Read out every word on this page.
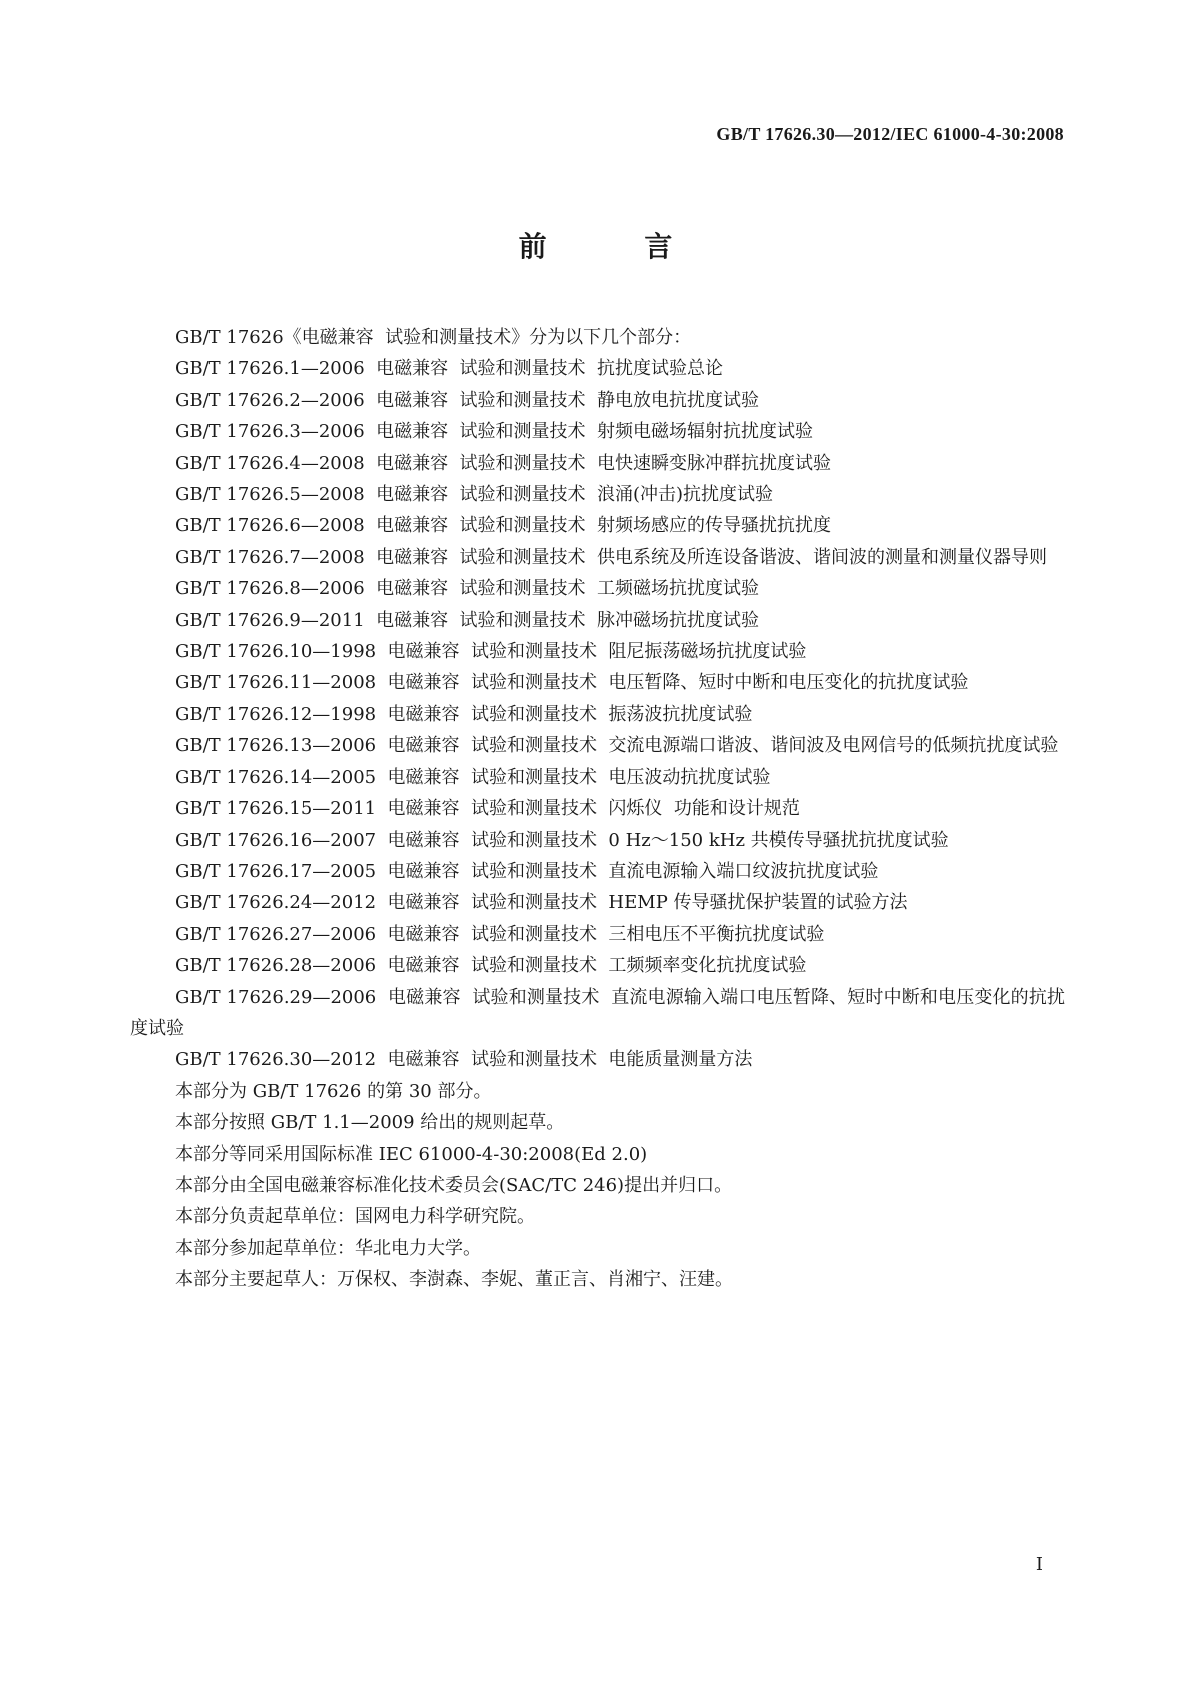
GB/T 17626.30—2012/IEC 61000-4-30:2008

前 言

GB/T 17626《电磁兼容  试验和测量技术》分为以下几个部分：

GB/T 17626.1—2006  电磁兼容  试验和测量技术  抗扰度试验总论

GB/T 17626.2—2006  电磁兼容  试验和测量技术  静电放电抗扰度试验

GB/T 17626.3—2006  电磁兼容  试验和测量技术  射频电磁场辐射抗扰度试验

GB/T 17626.4—2008  电磁兼容  试验和测量技术  电快速瞬变脉冲群抗扰度试验

GB/T 17626.5—2008  电磁兼容  试验和测量技术  浪涌(冲击)抗扰度试验

GB/T 17626.6—2008  电磁兼容  试验和测量技术  射频场感应的传导骚扰抗扰度

GB/T 17626.7—2008  电磁兼容  试验和测量技术  供电系统及所连设备谐波、谐间波的测量和测量仪器导则

GB/T 17626.8—2006  电磁兼容  试验和测量技术  工频磁场抗扰度试验

GB/T 17626.9—2011  电磁兼容  试验和测量技术  脉冲磁场抗扰度试验

GB/T 17626.10—1998  电磁兼容  试验和测量技术  阻尼振荡磁场抗扰度试验

GB/T 17626.11—2008  电磁兼容  试验和测量技术  电压暂降、短时中断和电压变化的抗扰度试验

GB/T 17626.12—1998  电磁兼容  试验和测量技术  振荡波抗扰度试验

GB/T 17626.13—2006  电磁兼容  试验和测量技术  交流电源端口谐波、谐间波及电网信号的低频抗扰度试验

GB/T 17626.14—2005  电磁兼容  试验和测量技术  电压波动抗扰度试验

GB/T 17626.15—2011  电磁兼容  试验和测量技术  闪烁仪  功能和设计规范

GB/T 17626.16—2007  电磁兼容  试验和测量技术  0 Hz～150 kHz 共模传导骚扰抗扰度试验

GB/T 17626.17—2005  电磁兼容  试验和测量技术  直流电源输入端口纹波抗扰度试验

GB/T 17626.24—2012  电磁兼容  试验和测量技术  HEMP 传导骚扰保护装置的试验方法

GB/T 17626.27—2006  电磁兼容  试验和测量技术  三相电压不平衡抗扰度试验

GB/T 17626.28—2006  电磁兼容  试验和测量技术  工频频率变化抗扰度试验

GB/T 17626.29—2006  电磁兼容  试验和测量技术  直流电源输入端口电压暂降、短时中断和电压变化的抗扰度试验

GB/T 17626.30—2012  电磁兼容  试验和测量技术  电能质量测量方法

本部分为 GB/T 17626 的第 30 部分。

本部分按照 GB/T 1.1—2009 给出的规则起草。

本部分等同采用国际标准 IEC 61000-4-30:2008(Ed 2.0)

本部分由全国电磁兼容标准化技术委员会(SAC/TC 246)提出并归口。

本部分负责起草单位：国网电力科学研究院。

本部分参加起草单位：华北电力大学。

本部分主要起草人：万保权、李澍森、李妮、董正言、肖湘宁、汪建。

I
